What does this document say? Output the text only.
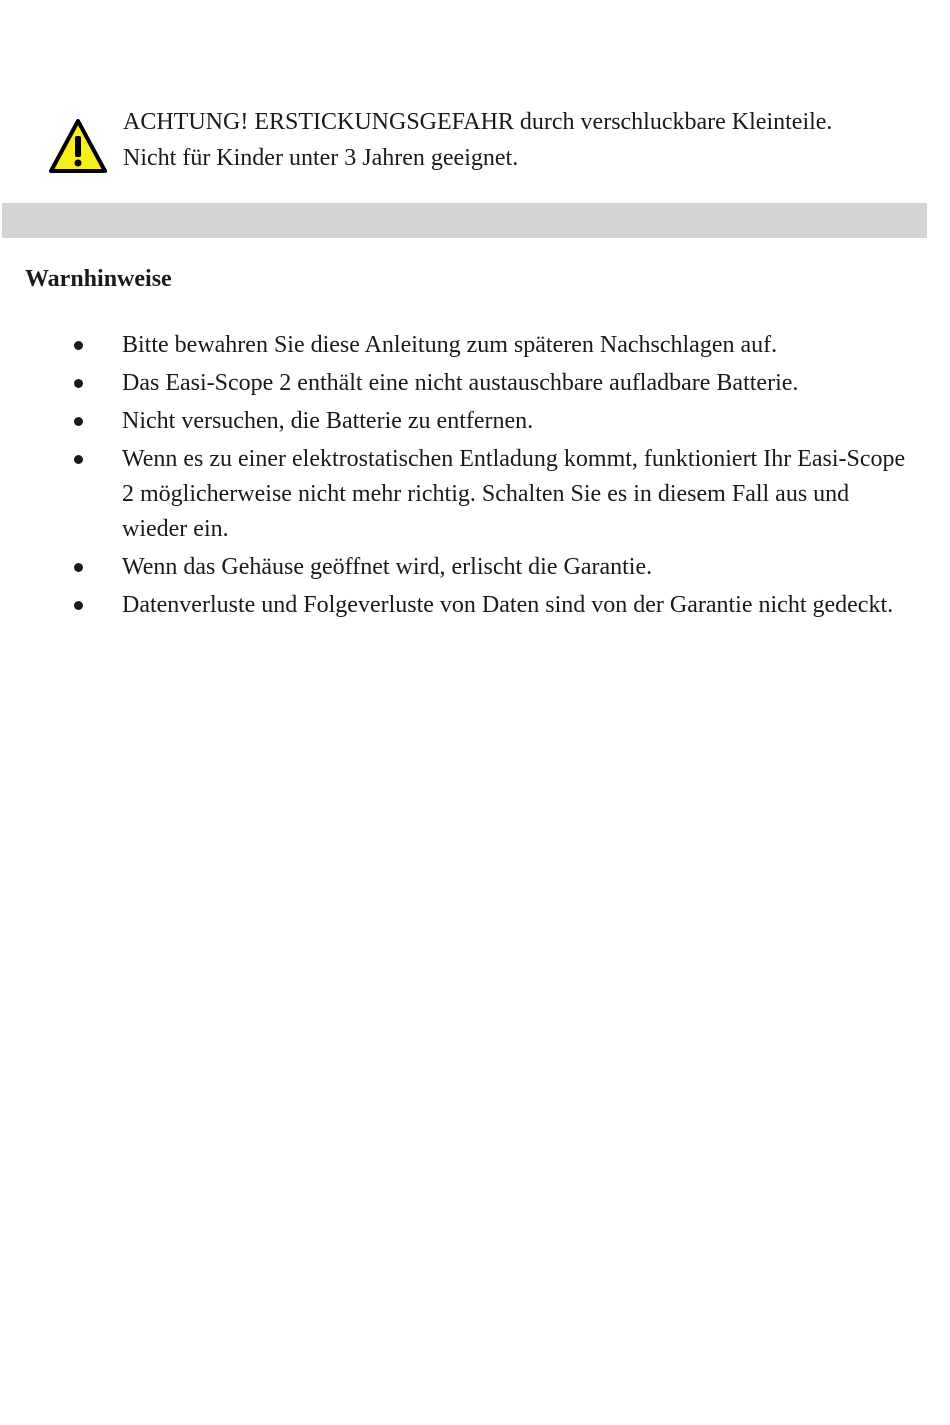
ACHTUNG! ERSTICKUNGSGEFAHR durch verschluckbare Kleinteile.
Nicht für Kinder unter 3 Jahren geeignet.
Warnhinweise
Bitte bewahren Sie diese Anleitung zum späteren Nachschlagen auf.
Das Easi-Scope 2 enthält eine nicht austauschbare aufladbare Batterie.
Nicht versuchen, die Batterie zu entfernen.
Wenn es zu einer elektrostatischen Entladung kommt, funktioniert Ihr Easi-Scope 2 möglicherweise nicht mehr richtig. Schalten Sie es in diesem Fall aus und wieder ein.
Wenn das Gehäuse geöffnet wird, erlischt die Garantie.
Datenverluste und Folgeverluste von Daten sind von der Garantie nicht gedeckt.
